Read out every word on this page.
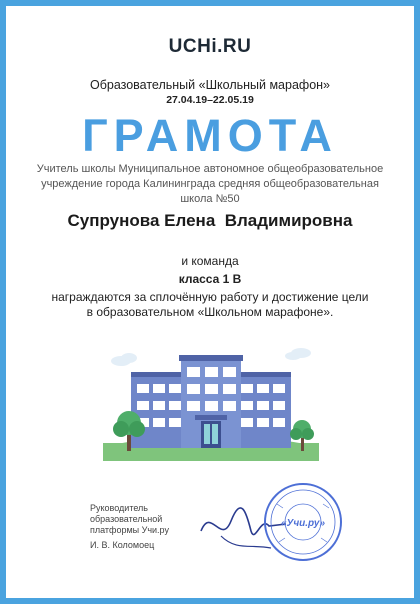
UCHi.RU
Образовательный «Школьный марафон»
27.04.19–22.05.19
ГРАМОТА
Учитель школы Муниципальное автономное общеобразовательное
учреждение города Калининграда средняя общеобразовательная
школа №50
Супрунова Елена  Владимировна
и команда
класса 1 В
награждаются за сплочённую работу и достижение цели
в образовательном «Школьном марафоне».
Руководитель
образовательной
платформы Учи.ру
И. В. Коломоец
«Учи.ру»
